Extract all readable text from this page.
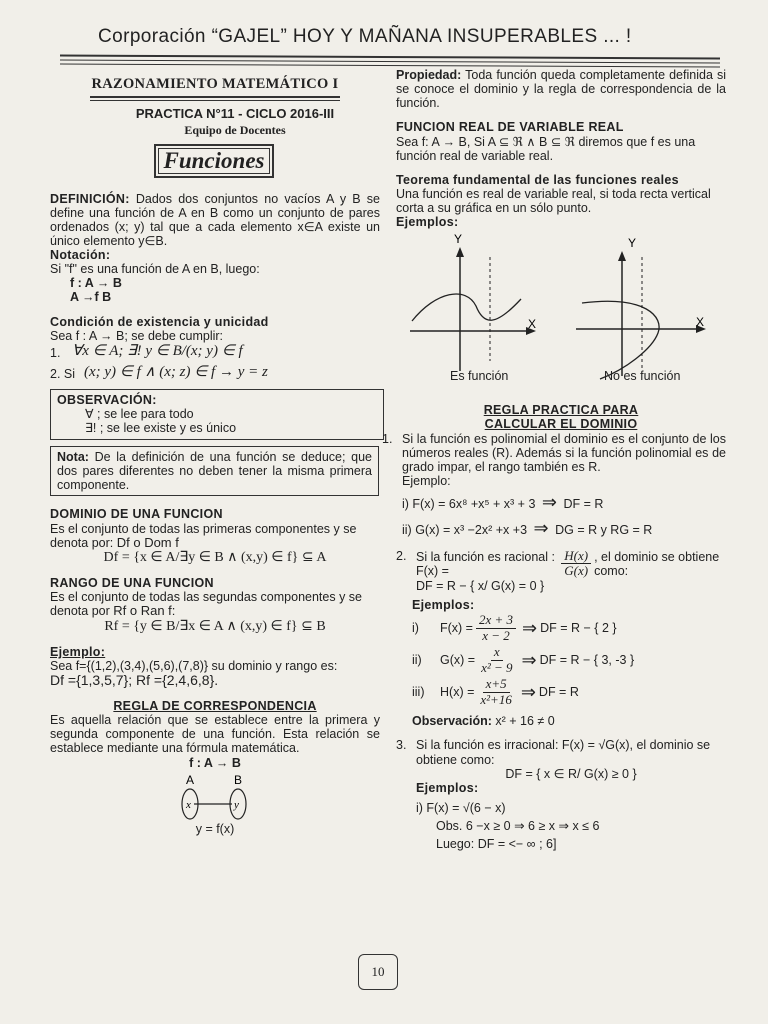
Corporación “GAJEL” HOY Y MAÑANA INSUPERABLES ... !
RAZONAMIENTO MATEMÁTICO I
PRACTICA N°11 - CICLO 2016-III
Equipo de Docentes
Funciones

DEFINICIÓN: Dados dos conjuntos no vacíos A y B se define una función de A en B como un conjunto de pares ordenados (x; y) tal que a cada elemento x∈A existe un único elemento y∈B.

Notación:
Si "f" es una función de A en B, luego:
f : A → B
A →f B
Condición de existencia y unicidad
Sea f : A → B; se debe cumplir:
1. ∀x ∈ A; ∃! y ∈ B/(x; y) ∈ f
2. Si (x; y) ∈ f ∧ (x; z) ∈ f → y = z
OBSERVACIÓN:
∀ ; se lee para todo
∃! ; se lee existe y es único
Nota: De la definición de una función se deduce; que dos pares diferentes no deben tener la misma primera componente.
DOMINIO DE UNA FUNCION
Es el conjunto de todas las primeras componentes y se denota por: Df o Dom f
Df = {x ∈ A/∃y ∈ B ∧ (x,y) ∈ f} ⊆ A
RANGO DE UNA FUNCION
Es el conjunto de todas las segundas componentes y se denota por Rf o Ran f:
Rf = {y ∈ B/∃x ∈ A ∧ (x,y) ∈ f} ⊆ B
Ejemplo:
Sea f={(1,2),(3,4),(5,6),(7,8)} su dominio y rango es:
Df ={1,3,5,7}; Rf ={2,4,6,8}.
REGLA DE CORRESPONDENCIA
Es aquella relación que se establece entre la primera y segunda componente de una función. Esta relación se establece mediante una fórmula matemática.
f : A → B
A	B
x	y
y = f(x)

Propiedad: Toda función queda completamente definida si se conoce el dominio y la regla de correspondencia de la función.

FUNCION REAL DE VARIABLE REAL
Sea f: A → B, Si A ⊆ ℜ ∧ B ⊆ ℜ diremos que f es una función real de variable real.
Teorema fundamental de las funciones reales
Una función es real de variable real, si toda recta vertical corta a su gráfica en un sólo punto.
Ejemplos:
Y
X
Y
X
Es función	No es función
REGLA PRACTICA PARA
CALCULAR EL DOMINIO
1. Si la función es polinomial el dominio es el conjunto de los números reales (R). Además si la función polinomial es de grado impar, el rango también es R.
Ejemplo:
i) F(x) = 6x⁸ +x⁵ + x³ + 3 ⇒ DF = R
ii) G(x) = x³ −2x² +x +3 ⇒ DG = R y RG = R
2. Si la función es racional : F(x) =	$\frac{H(x)}{G(x)}$ , el dominio se obtiene como:
DF = R − { x/ G(x) = 0 }
Ejemplos:
i)	$F(x) = \frac{2x + 3}{x - 2}$ ⇒ DF = R − { 2 }
ii)	$G(x) = \frac{x}{\text{x² − 9}}$ ⇒ DF = R − { 3, -3 }
iii)	$H(x) = \frac{x+5}{\text{x²+16}}$ ⇒ DF = R
Observación: x² + 16 ≠ 0
3. Si la función es irracional: F(x) = √G(x), el dominio se obtiene como:
DF = { x ∈ R/ G(x) ≥ 0 }
Ejemplos:
i) F(x) = √(6 − x)
Obs. 6 −x ≥ 0 ⇒ 6 ≥ x ⇒ x ≤ 6
Luego: DF = <− ∞ ; 6]
10
